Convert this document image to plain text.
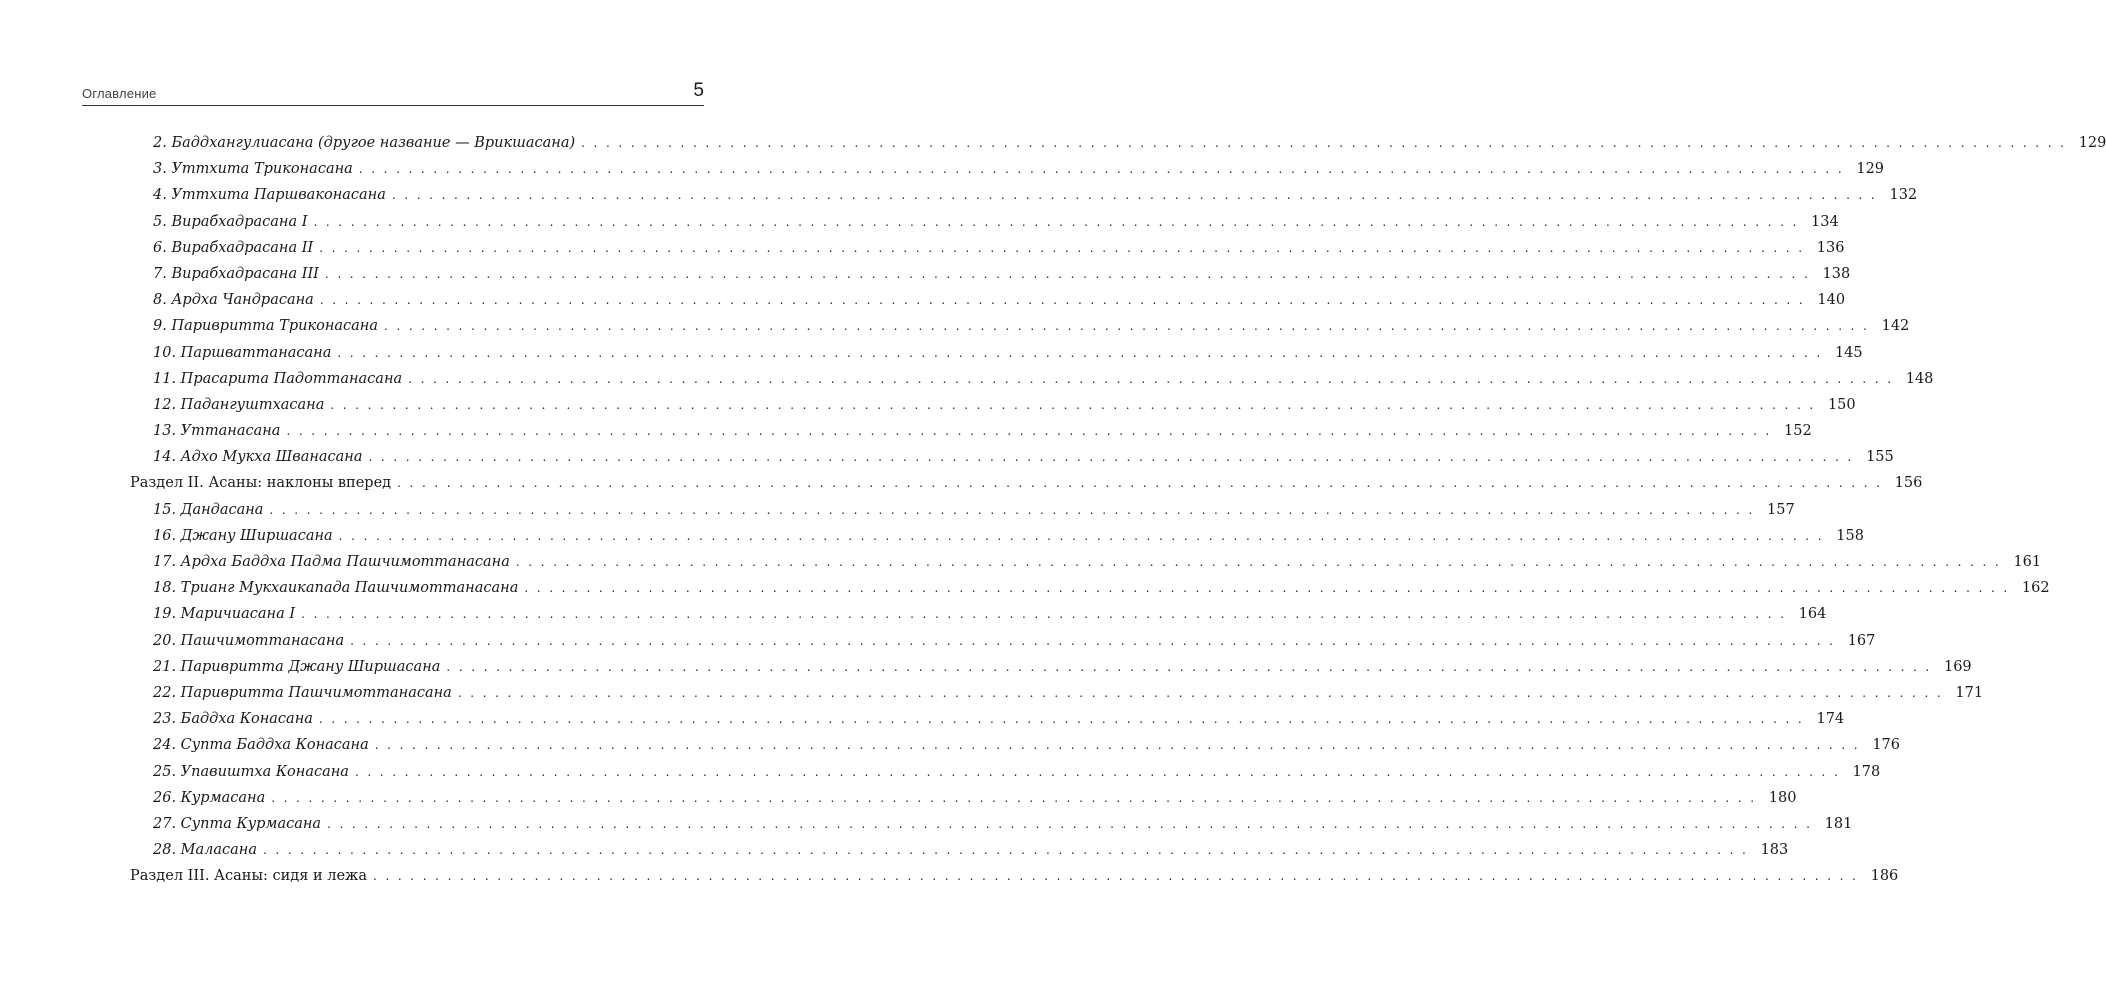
Оглавление	5
2. Баддхангулиасана (другое название — Врикшасана) . . . . . . . . . . . . . . . . . . . . . . . . . . . . . . . . . . . . . . . . . . . . . . . . . . . . . . . . . . . . . . . . . . . . . . . . . . . . . . . . . . . . . . . . . . . . . . . . . . . . . . . . . . . . . . . . . . . . . . . . 129
3. Уттхита Триконасана . . . . . . . . . . . . . . . . . . . . . . . . . . . . . . . . . . . . . . . . . . . . . . . . . . . . . . . . . . . . . . . . . . . . . . . . . . . . . . . . . . . . . . . . . . . . . . . . . . . . . . . . . . . . . . . . . . . . . . . . 129
4. Уттхита Паршваконасана . . . . . . . . . . . . . . . . . . . . . . . . . . . . . . . . . . . . . . . . . . . . . . . . . . . . . . . . . . . . . . . . . . . . . . . . . . . . . . . . . . . . . . . . . . . . . . . . . . . . . . . . . . . . . . . . . . . . . . . . 132
5. Вирабхадрасана I . . . . . . . . . . . . . . . . . . . . . . . . . . . . . . . . . . . . . . . . . . . . . . . . . . . . . . . . . . . . . . . . . . . . . . . . . . . . . . . . . . . . . . . . . . . . . . . . . . . . . . . . . . . . . . . . . . . . . . . . 134
6. Вирабхадрасана II . . . . . . . . . . . . . . . . . . . . . . . . . . . . . . . . . . . . . . . . . . . . . . . . . . . . . . . . . . . . . . . . . . . . . . . . . . . . . . . . . . . . . . . . . . . . . . . . . . . . . . . . . . . . . . . . . . . . . . . . 136
7. Вирабхадрасана III . . . . . . . . . . . . . . . . . . . . . . . . . . . . . . . . . . . . . . . . . . . . . . . . . . . . . . . . . . . . . . . . . . . . . . . . . . . . . . . . . . . . . . . . . . . . . . . . . . . . . . . . . . . . . . . . . . . . . . . . 138
8. Ардха Чандрасана . . . . . . . . . . . . . . . . . . . . . . . . . . . . . . . . . . . . . . . . . . . . . . . . . . . . . . . . . . . . . . . . . . . . . . . . . . . . . . . . . . . . . . . . . . . . . . . . . . . . . . . . . . . . . . . . . . . . . . . . 140
9. Паривритта Триконасана . . . . . . . . . . . . . . . . . . . . . . . . . . . . . . . . . . . . . . . . . . . . . . . . . . . . . . . . . . . . . . . . . . . . . . . . . . . . . . . . . . . . . . . . . . . . . . . . . . . . . . . . . . . . . . . . . . . . . . . . 142
10. Паршваттанасана . . . . . . . . . . . . . . . . . . . . . . . . . . . . . . . . . . . . . . . . . . . . . . . . . . . . . . . . . . . . . . . . . . . . . . . . . . . . . . . . . . . . . . . . . . . . . . . . . . . . . . . . . . . . . . . . . . . . . . . . 145
11. Прасарита Падоттанасана . . . . . . . . . . . . . . . . . . . . . . . . . . . . . . . . . . . . . . . . . . . . . . . . . . . . . . . . . . . . . . . . . . . . . . . . . . . . . . . . . . . . . . . . . . . . . . . . . . . . . . . . . . . . . . . . . . . . . . . . 148
12. Падангуштхасана . . . . . . . . . . . . . . . . . . . . . . . . . . . . . . . . . . . . . . . . . . . . . . . . . . . . . . . . . . . . . . . . . . . . . . . . . . . . . . . . . . . . . . . . . . . . . . . . . . . . . . . . . . . . . . . . . . . . . . . . 150
13. Уттанасана . . . . . . . . . . . . . . . . . . . . . . . . . . . . . . . . . . . . . . . . . . . . . . . . . . . . . . . . . . . . . . . . . . . . . . . . . . . . . . . . . . . . . . . . . . . . . . . . . . . . . . . . . . . . . . . . . . . . . . . . 152
14. Адхо Мукха Шванасана . . . . . . . . . . . . . . . . . . . . . . . . . . . . . . . . . . . . . . . . . . . . . . . . . . . . . . . . . . . . . . . . . . . . . . . . . . . . . . . . . . . . . . . . . . . . . . . . . . . . . . . . . . . . . . . . . . . . . . . . 155
Раздел II. Асаны: наклоны вперед . . . . . . . . . . . . . . . . . . . . . . . . . . . . . . . . . . . . . . . . . . . . . . . . . . . . . . . . . . . . . . . . . . . . . . . . . . . . . . . . . . . . . . . . . . . . . . . . . . . . . . . . . . . . . . . . . . . . . . . . 156
15. Дандасана . . . . . . . . . . . . . . . . . . . . . . . . . . . . . . . . . . . . . . . . . . . . . . . . . . . . . . . . . . . . . . . . . . . . . . . . . . . . . . . . . . . . . . . . . . . . . . . . . . . . . . . . . . . . . . . . . . . . . . . . 157
16. Джану Ширшасана . . . . . . . . . . . . . . . . . . . . . . . . . . . . . . . . . . . . . . . . . . . . . . . . . . . . . . . . . . . . . . . . . . . . . . . . . . . . . . . . . . . . . . . . . . . . . . . . . . . . . . . . . . . . . . . . . . . . . . . . 158
17. Ардха Баддха Падма Пашчимоттанасана . . . . . . . . . . . . . . . . . . . . . . . . . . . . . . . . . . . . . . . . . . . . . . . . . . . . . . . . . . . . . . . . . . . . . . . . . . . . . . . . . . . . . . . . . . . . . . . . . . . . . . . . . . . . . . . . . . . . . . . . 161
18. Трианг Мукхаикапада Пашчимоттанасана . . . . . . . . . . . . . . . . . . . . . . . . . . . . . . . . . . . . . . . . . . . . . . . . . . . . . . . . . . . . . . . . . . . . . . . . . . . . . . . . . . . . . . . . . . . . . . . . . . . . . . . . . . . . . . . . . . . . . . . . 162
19. Маричиасана I . . . . . . . . . . . . . . . . . . . . . . . . . . . . . . . . . . . . . . . . . . . . . . . . . . . . . . . . . . . . . . . . . . . . . . . . . . . . . . . . . . . . . . . . . . . . . . . . . . . . . . . . . . . . . . . . . . . . . . . . 164
20. Пашчимоттанасана . . . . . . . . . . . . . . . . . . . . . . . . . . . . . . . . . . . . . . . . . . . . . . . . . . . . . . . . . . . . . . . . . . . . . . . . . . . . . . . . . . . . . . . . . . . . . . . . . . . . . . . . . . . . . . . . . . . . . . . . 167
21. Паривритта Джану Ширшасана . . . . . . . . . . . . . . . . . . . . . . . . . . . . . . . . . . . . . . . . . . . . . . . . . . . . . . . . . . . . . . . . . . . . . . . . . . . . . . . . . . . . . . . . . . . . . . . . . . . . . . . . . . . . . . . . . . . . . . . . 169
22. Паривритта Пашчимоттанасана . . . . . . . . . . . . . . . . . . . . . . . . . . . . . . . . . . . . . . . . . . . . . . . . . . . . . . . . . . . . . . . . . . . . . . . . . . . . . . . . . . . . . . . . . . . . . . . . . . . . . . . . . . . . . . . . . . . . . . . . 171
23. Баддха Конасана . . . . . . . . . . . . . . . . . . . . . . . . . . . . . . . . . . . . . . . . . . . . . . . . . . . . . . . . . . . . . . . . . . . . . . . . . . . . . . . . . . . . . . . . . . . . . . . . . . . . . . . . . . . . . . . . . . . . . . . . 174
24. Супта Баддха Конасана . . . . . . . . . . . . . . . . . . . . . . . . . . . . . . . . . . . . . . . . . . . . . . . . . . . . . . . . . . . . . . . . . . . . . . . . . . . . . . . . . . . . . . . . . . . . . . . . . . . . . . . . . . . . . . . . . . . . . . . . 176
25. Упавиштха Конасана . . . . . . . . . . . . . . . . . . . . . . . . . . . . . . . . . . . . . . . . . . . . . . . . . . . . . . . . . . . . . . . . . . . . . . . . . . . . . . . . . . . . . . . . . . . . . . . . . . . . . . . . . . . . . . . . . . . . . . . . 178
26. Курмасана . . . . . . . . . . . . . . . . . . . . . . . . . . . . . . . . . . . . . . . . . . . . . . . . . . . . . . . . . . . . . . . . . . . . . . . . . . . . . . . . . . . . . . . . . . . . . . . . . . . . . . . . . . . . . . . . . . . . . . . . 180
27. Супта Курмасана . . . . . . . . . . . . . . . . . . . . . . . . . . . . . . . . . . . . . . . . . . . . . . . . . . . . . . . . . . . . . . . . . . . . . . . . . . . . . . . . . . . . . . . . . . . . . . . . . . . . . . . . . . . . . . . . . . . . . . . . 181
28. Маласана . . . . . . . . . . . . . . . . . . . . . . . . . . . . . . . . . . . . . . . . . . . . . . . . . . . . . . . . . . . . . . . . . . . . . . . . . . . . . . . . . . . . . . . . . . . . . . . . . . . . . . . . . . . . . . . . . . . . . . . . 183
Раздел III. Асаны: сидя и лежа . . . . . . . . . . . . . . . . . . . . . . . . . . . . . . . . . . . . . . . . . . . . . . . . . . . . . . . . . . . . . . . . . . . . . . . . . . . . . . . . . . . . . . . . . . . . . . . . . . . . . . . . . . . . . . . . . . . . . . . . 186
